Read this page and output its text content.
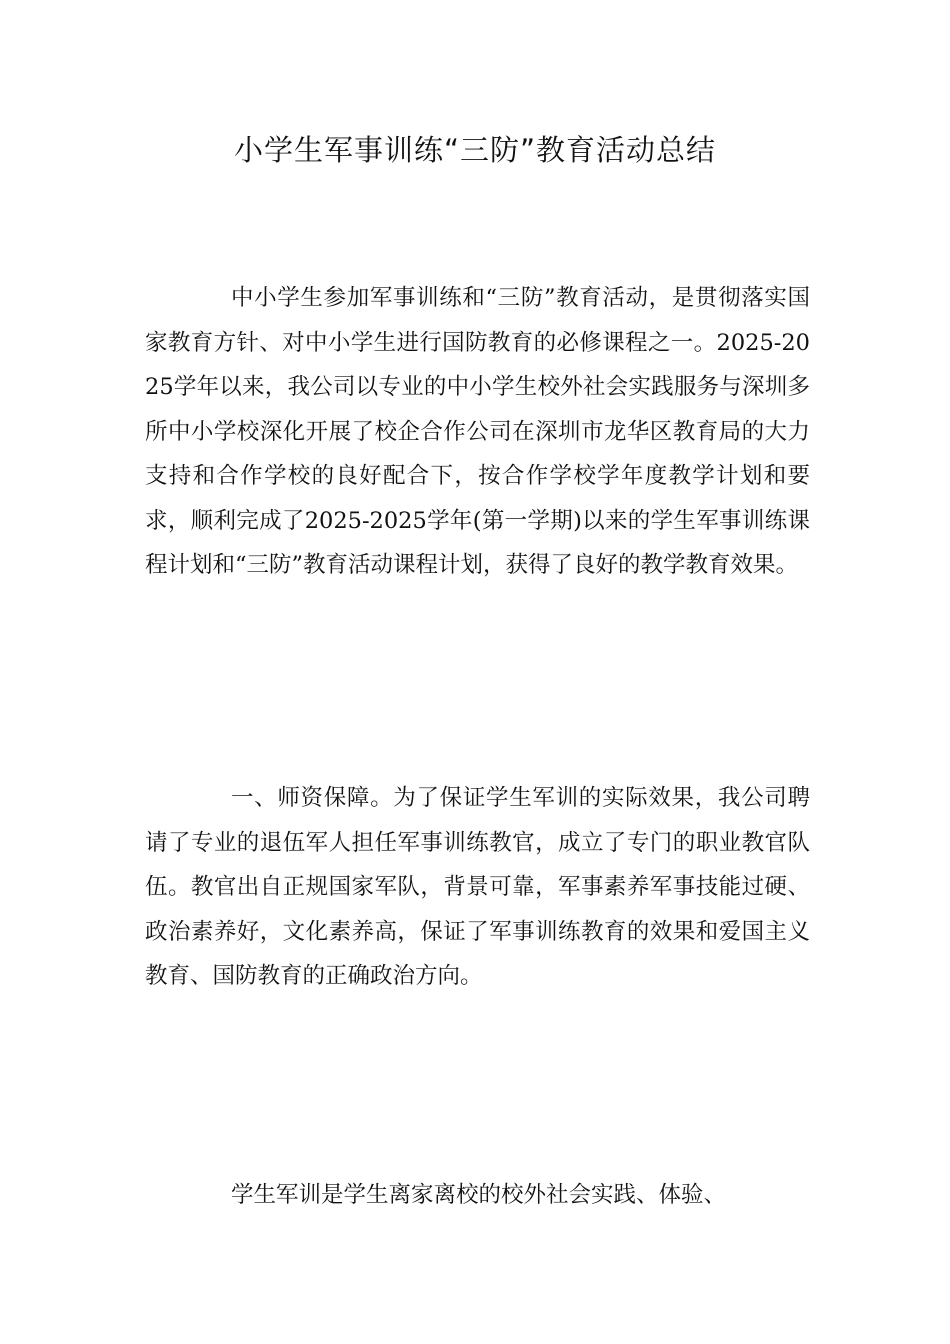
小学生军事训练“三防”教育活动总结

中小学生参加军事训练和“三防”教育活动，是贯彻落实国家教育方针、对中小学生进行国防教育的必修课程之一。2025-2025学年以来，我公司以专业的中小学生校外社会实践服务与深圳多所中小学校深化开展了校企合作公司在深圳市龙华区教育局的大力支持和合作学校的良好配合下，按合作学校学年度教学计划和要求，顺利完成了2025-2025学年(第一学期)以来的学生军事训练课程计划和“三防”教育活动课程计划，获得了良好的教学教育效果。

一、师资保障。为了保证学生军训的实际效果，我公司聘请了专业的退伍军人担任军事训练教官，成立了专门的职业教官队伍。教官出自正规国家军队，背景可靠，军事素养军事技能过硬、政治素养好，文化素养高，保证了军事训练教育的效果和爱国主义教育、国防教育的正确政治方向。

学生军训是学生离家离校的校外社会实践、体验、
